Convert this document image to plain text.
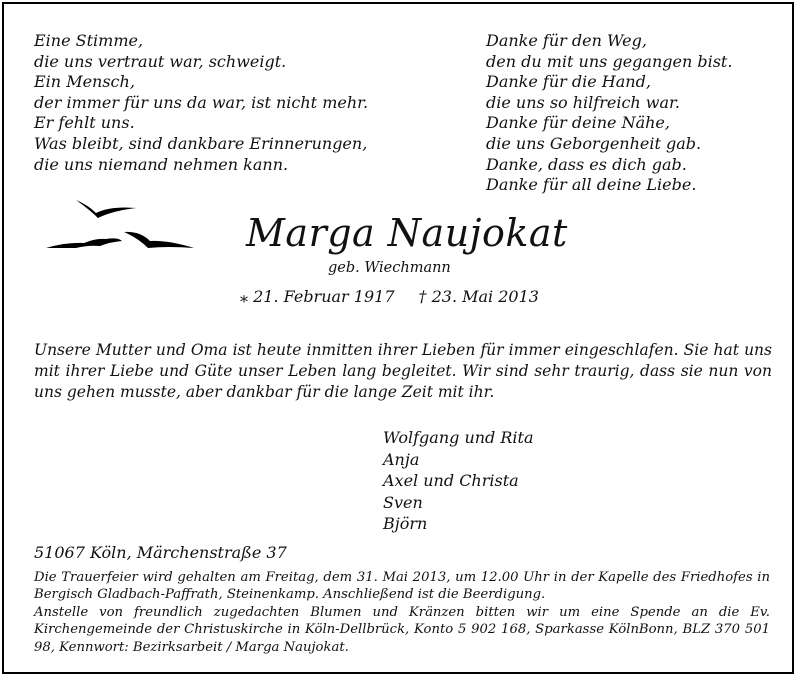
Eine Stimme,
die uns vertraut war, schweigt.
Ein Mensch,
der immer für uns da war, ist nicht mehr.
Er fehlt uns.
Was bleibt, sind dankbare Erinnerungen,
die uns niemand nehmen kann.
Danke für den Weg,
den du mit uns gegangen bist.
Danke für die Hand,
die uns so hilfreich war.
Danke für deine Nähe,
die uns Geborgenheit gab.
Danke, dass es dich gab.
Danke für all deine Liebe.
Marga Naujokat
geb. Wiechmann
⁎ 21. Februar 1917 † 23. Mai 2013
Unsere Mutter und Oma ist heute inmitten ihrer Lieben für immer eingeschlafen. Sie hat uns mit ihrer Liebe und Güte unser Leben lang begleitet. Wir sind sehr traurig, dass sie nun von uns gehen musste, aber dankbar für die lange Zeit mit ihr.
Wolfgang und Rita
Anja
Axel und Christa
Sven
Björn
51067 Köln, Märchenstraße 37
Die Trauerfeier wird gehalten am Freitag, dem 31. Mai 2013, um 12.00 Uhr in der Kapelle des Friedhofes in Bergisch Gladbach-Paffrath, Steinenkamp. Anschließend ist die Beerdigung.
Anstelle von freundlich zugedachten Blumen und Kränzen bitten wir um eine Spende an die Ev. Kirchengemeinde der Christuskirche in Köln-Dellbrück, Konto 5 902 168, Sparkasse KölnBonn, BLZ 370 501 98, Kennwort: Bezirksarbeit / Marga Naujokat.
